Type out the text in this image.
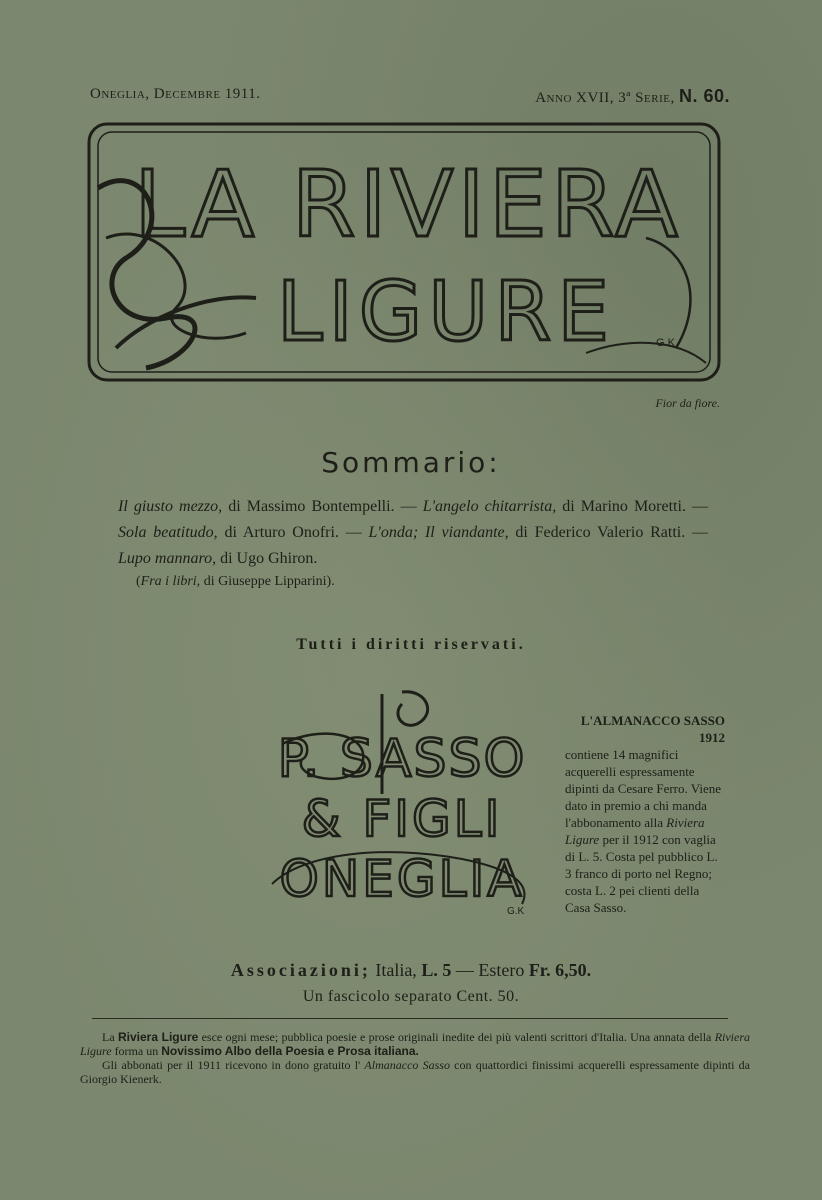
Oneglia, Decembre 1911.	Anno XVII, 3ª Serie, N. 60.
LA RIVIERA
LIGURE	G.K
Fior da fiore.
Sommario:
Il giusto mezzo, di Massimo Bontempelli. — L'angelo chitarrista, di Marino Moretti. — Sola beatitudo, di Arturo Onofri. — L'onda; Il viandante, di Federico Valerio Ratti. — Lupo mannaro, di Ugo Ghiron.
(Fra i libri, di Giuseppe Lipparini).
Tutti i diritti riservati.
P. SASSO
& FIGLI
ONEGLIA
G.K
L'ALMANACCO SASSO 1912
contiene 14 magnifici acquerelli espressamente dipinti da Cesare Ferro. Viene dato in premio a chi manda l'abbonamento alla Riviera Ligure per il 1912 con vaglia di L. 5. Costa pel pubblico L. 3 franco di porto nel Regno; costa L. 2 pei clienti della Casa Sasso.
Associazioni; Italia, L. 5 — Estero Fr. 6,50.
Un fascicolo separato Cent. 50.

La Riviera Ligure esce ogni mese; pubblica poesie e prose originali inedite dei più valenti scrittori d'Italia. Una annata della Riviera Ligure forma un Novissimo Albo della Poesia e Prosa italiana.

Gli abbonati per il 1911 ricevono in dono gratuito l' Almanacco Sasso con quattordici finissimi acquerelli espressamente dipinti da Giorgio Kienerk.
